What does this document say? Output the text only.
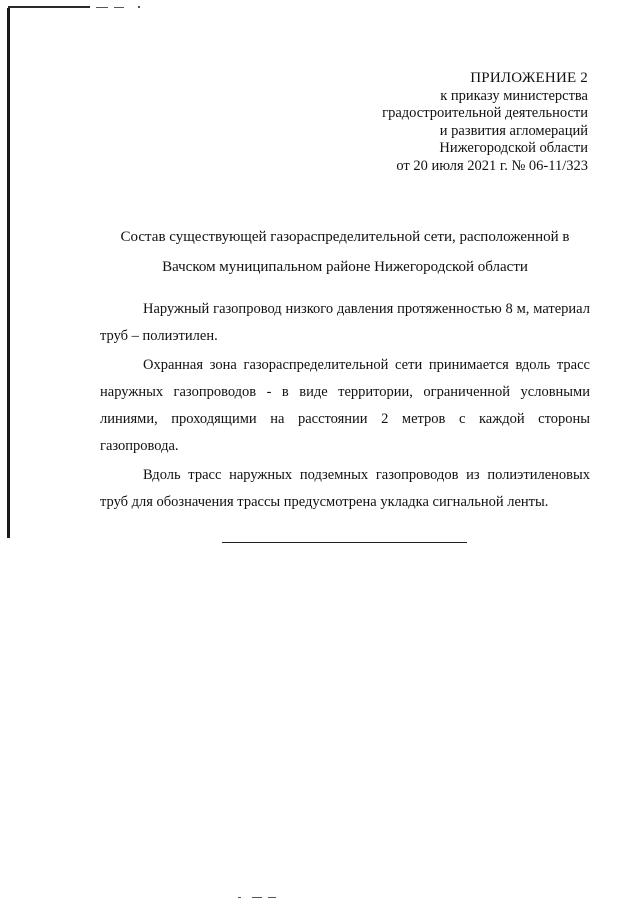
ПРИЛОЖЕНИЕ 2
к приказу министерства
градостроительной деятельности
и развития агломераций
Нижегородской области
от 20 июля 2021 г. № 06-11/323
Состав существующей газораспределительной сети, расположенной в
Вачском муниципальном районе Нижегородской области

Наружный газопровод низкого давления протяженностью 8 м, материал труб – полиэтилен.

Охранная зона газораспределительной сети принимается вдоль трасс наружных газопроводов - в виде территории, ограниченной условными линиями, проходящими на расстоянии 2 метров с каждой стороны газопровода.

Вдоль трасс наружных подземных газопроводов из полиэтиленовых труб для обозначения трассы предусмотрена укладка сигнальной ленты.
